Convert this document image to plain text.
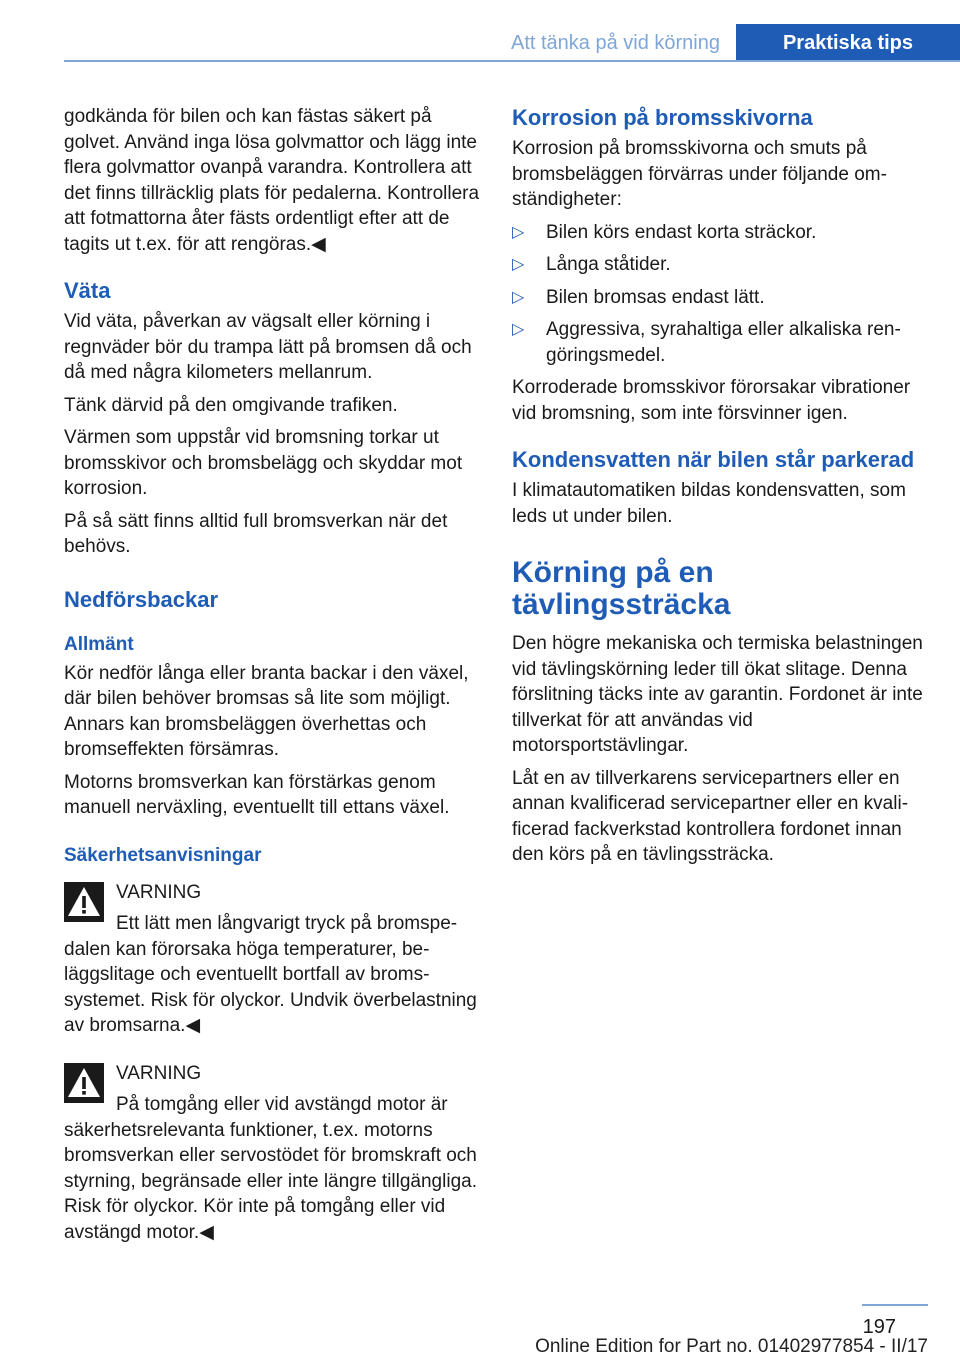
Att tänka på vid körning	Praktiska tips

godkända för bilen och kan fästas säkert på golvet. Använd inga lösa golvmattor och lägg inte flera golvmattor ovanpå varandra. Kontrollera att det finns tillräcklig plats för pedalerna. Kontrollera att fotmattorna åter fästs ordentligt efter att de tagits ut t.ex. för att rengöras.◀

Väta

Vid väta, påverkan av vägsalt eller körning i regnväder bör du trampa lätt på bromsen då och då med några kilometers mellanrum.

Tänk därvid på den omgivande trafiken.

Värmen som uppstår vid bromsning torkar ut bromsskivor och bromsbelägg och skyddar mot korrosion.

På så sätt finns alltid full bromsverkan när det behövs.

Nedförsbackar
Allmänt

Kör nedför långa eller branta backar i den växel, där bilen behöver bromsas så lite som möjligt. Annars kan bromsbeläggen överhettas och bromseffekten försämras.

Motorns bromsverkan kan förstärkas genom manuell nerväxling, eventuellt till ettans växel.

Säkerhetsanvisningar
VARNING
Ett lätt men långvarigt tryck på bromspedalen kan förorsaka höga temperaturer, beläggslitage och eventuellt bortfall av bromssystemet. Risk för olyckor. Undvik överbelastning av bromsarna.◀
VARNING
På tomgång eller vid avstängd motor är säkerhetsrelevanta funktioner, t.ex. motorns bromsverkan eller servostödet för bromskraft och styrning, begränsade eller inte längre tillgängliga. Risk för olyckor. Kör inte på tomgång eller vid avstängd motor.◀
Korrosion på bromsskivorna

Korrosion på bromsskivorna och smuts på bromsbeläggen förvärras under följande omständigheter:

▷ Bilen körs endast korta sträckor.
▷ Långa ståtider.
▷ Bilen bromsas endast lätt.
▷ Aggressiva, syrahaltiga eller alkaliska rengöringsmedel.

Korroderade bromsskivor förorsakar vibrationer vid bromsning, som inte försvinner igen.

Kondensvatten när bilen står parkerad

I klimatautomatiken bildas kondensvatten, som leds ut under bilen.

Körning på en tävlingssträcka

Den högre mekaniska och termiska belastningen vid tävlingskörning leder till ökat slitage. Denna förslitning täcks inte av garantin. Fordonet är inte tillverkat för att användas vid motorsportstävlingar.

Låt en av tillverkarens servicepartners eller en annan kvalificerad servicepartner eller en kvalificerad fackverkstad kontrollera fordonet innan den körs på en tävlingssträcka.

197
Online Edition for Part no. 01402977854 - II/17
